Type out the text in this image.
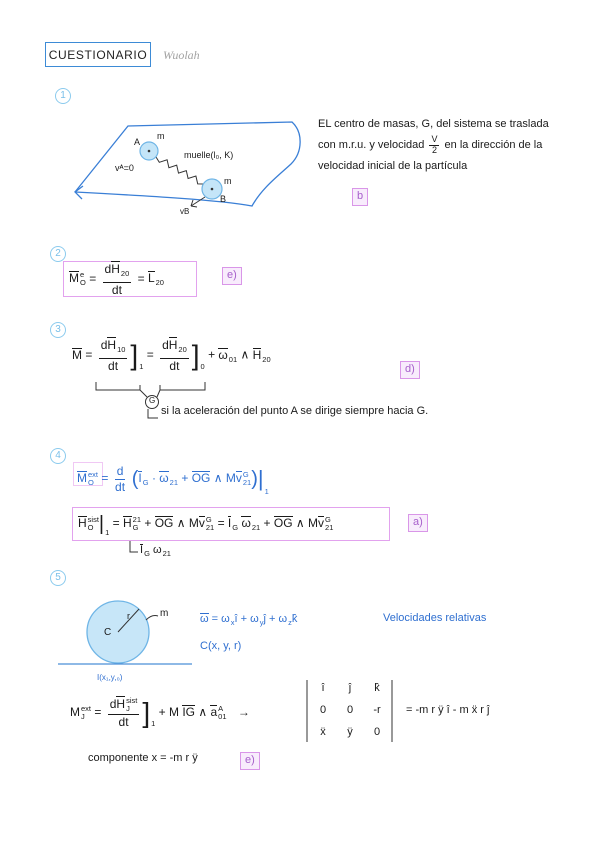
CUESTIONARIO Wuolah
1
A
m
muelle(l₀, K)
m
B
vᴬ=0
vB
EL centro de masas, G, del sistema se traslada
con m.r.u. y velocidad $\frac{V}{2}$ en la dirección de la
velocidad inicial de la partícula
b
2
M e
$O = \frac{dH_{20}}{dt} = L_{20}$
e)
3
$M = \frac{dH_{10}}{dt} ]_1 = \frac{dH_{20}}{dt} ]_0 + \omega_{01}$ ∧ $H_{20}$
d)
G
si la aceleración del punto A se dirige siempre hacia G.
4
M ext
$O = \frac{d}{dt} (I_G \cdot \omega_{21}$ + OG ∧ Mv G
21 )$|_1$
H sist
O $|_1 = H$ 21
G + OG ∧ Mv G
$21 = I_G$ $\omega_{21}$ + OG ∧ Mv G
21	a)
$I_G$ $\omega_{21}$
5
C
r	m
I(x₁,y,₀)
$\omega = \omega_xî$ + $\omega_yĵ$ + $\omega_zk̂$	Velocidades relativas
C(x, y, r)
M ext
J = dH sist
J
dt ]$_1 + M$ IG ∧ a A
01 →
î	ĵ	k̂
0	0	-r
ẍ	ÿ	0
= -m r ÿ î - m ẍ r ĵ
componente x = -m r ÿ	e)
